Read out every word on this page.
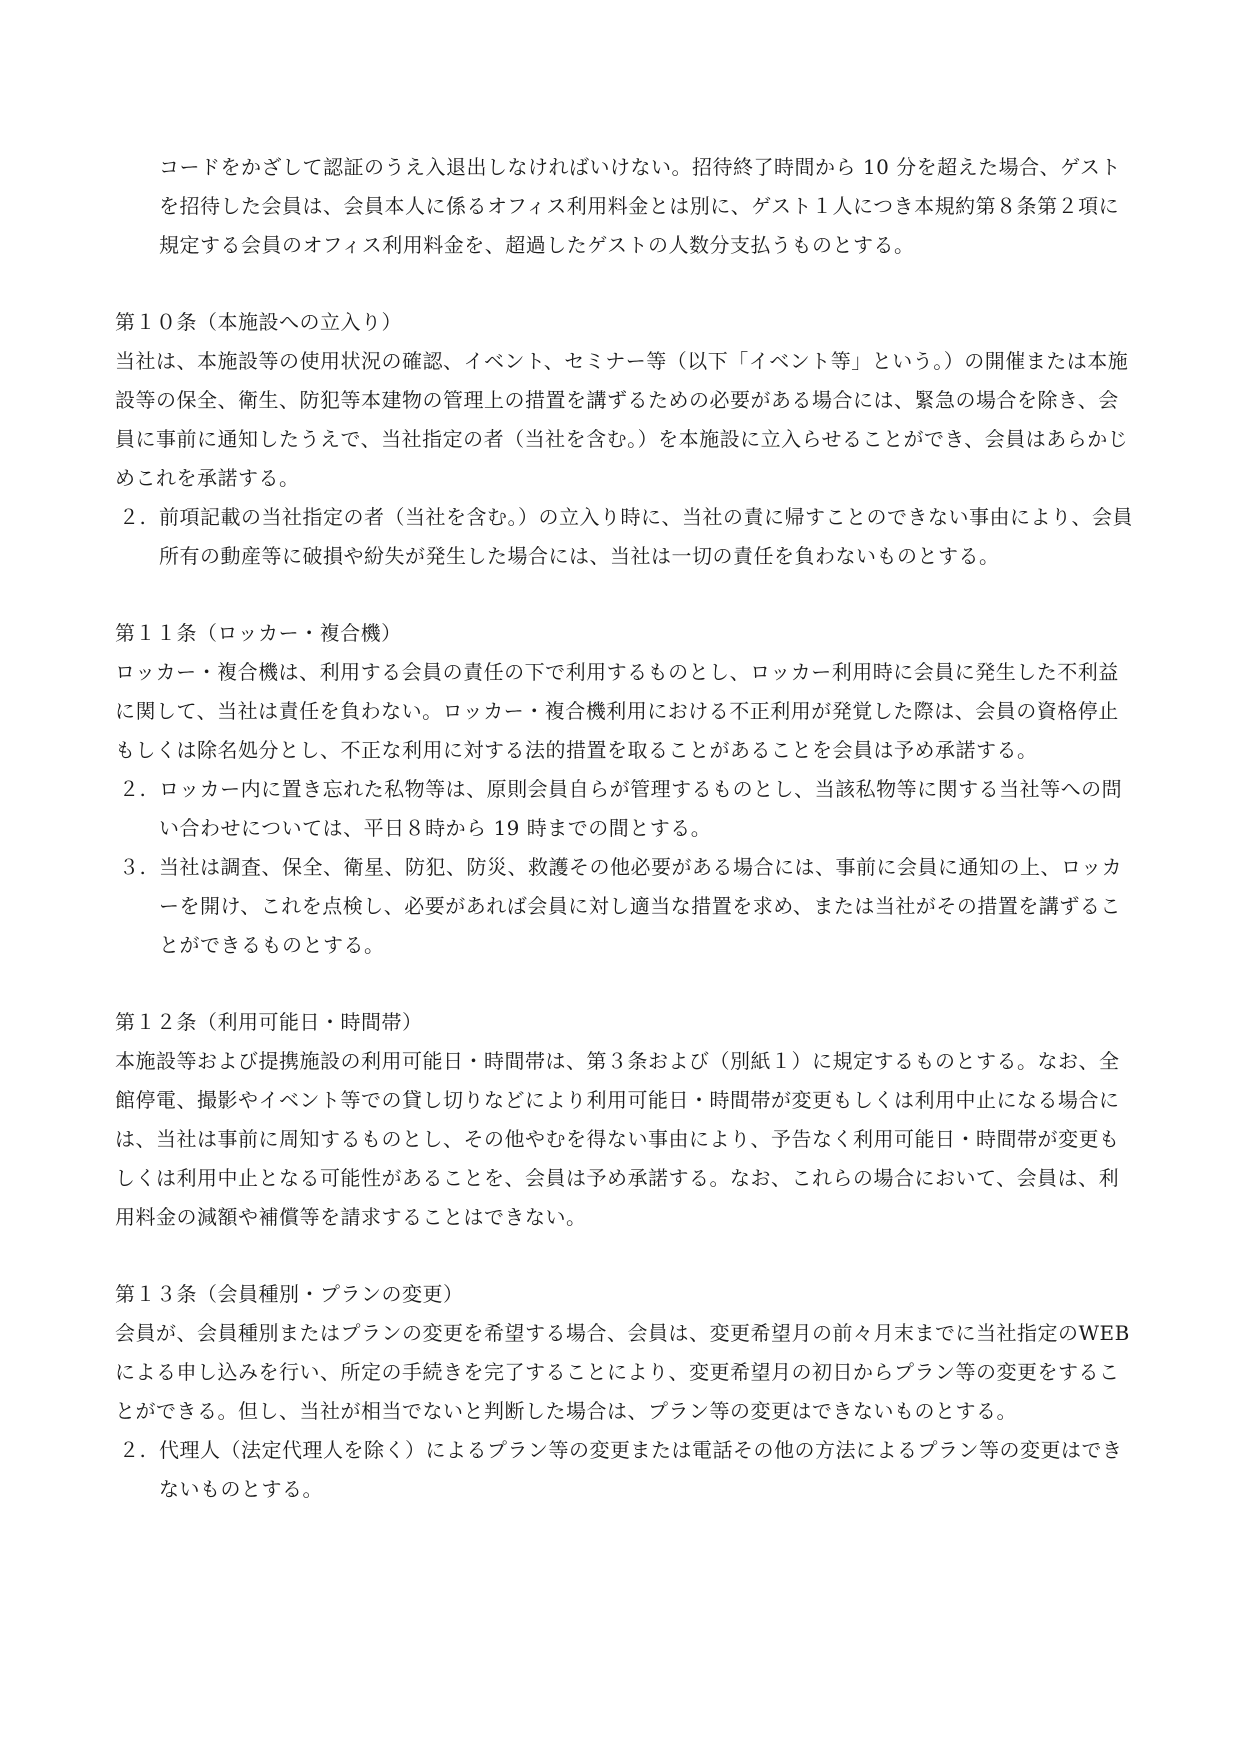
コードをかざして認証のうえ入退出しなければいけない。招待終了時間から 10 分を超えた場合、ゲストを招待した会員は、会員本人に係るオフィス利用料金とは別に、ゲスト１人につき本規約第８条第２項に規定する会員のオフィス利用料金を、超過したゲストの人数分支払うものとする。

第１０条（本施設への立入り）

当社は、本施設等の使用状況の確認、イベント、セミナー等（以下「イベント等」という。）の開催または本施設等の保全、衛生、防犯等本建物の管理上の措置を講ずるための必要がある場合には、緊急の場合を除き、会員に事前に通知したうえで、当社指定の者（当社を含む。）を本施設に立入らせることができ、会員はあらかじめこれを承諾する。

２. 前項記載の当社指定の者（当社を含む。）の立入り時に、当社の責に帰すことのできない事由により、会員所有の動産等に破損や紛失が発生した場合には、当社は一切の責任を負わないものとする。
第１１条（ロッカー・複合機）

ロッカー・複合機は、利用する会員の責任の下で利用するものとし、ロッカー利用時に会員に発生した不利益に関して、当社は責任を負わない。ロッカー・複合機利用における不正利用が発覚した際は、会員の資格停止もしくは除名処分とし、不正な利用に対する法的措置を取ることがあることを会員は予め承諾する。

２. ロッカー内に置き忘れた私物等は、原則会員自らが管理するものとし、当該私物等に関する当社等への問い合わせについては、平日８時から 19 時までの間とする。
３. 当社は調査、保全、衛星、防犯、防災、救護その他必要がある場合には、事前に会員に通知の上、ロッカーを開け、これを点検し、必要があれば会員に対し適当な措置を求め、または当社がその措置を講ずることができるものとする。
第１２条（利用可能日・時間帯）

本施設等および提携施設の利用可能日・時間帯は、第３条および（別紙１）に規定するものとする。なお、全館停電、撮影やイベント等での貸し切りなどにより利用可能日・時間帯が変更もしくは利用中止になる場合には、当社は事前に周知するものとし、その他やむを得ない事由により、予告なく利用可能日・時間帯が変更もしくは利用中止となる可能性があることを、会員は予め承諾する。なお、これらの場合において、会員は、利用料金の減額や補償等を請求することはできない。

第１３条（会員種別・プランの変更）

会員が、会員種別またはプランの変更を希望する場合、会員は、変更希望月の前々月末までに当社指定のWEB による申し込みを行い、所定の手続きを完了することにより、変更希望月の初日からプラン等の変更をすることができる。但し、当社が相当でないと判断した場合は、プラン等の変更はできないものとする。

２. 代理人（法定代理人を除く）によるプラン等の変更または電話その他の方法によるプラン等の変更はできないものとする。
